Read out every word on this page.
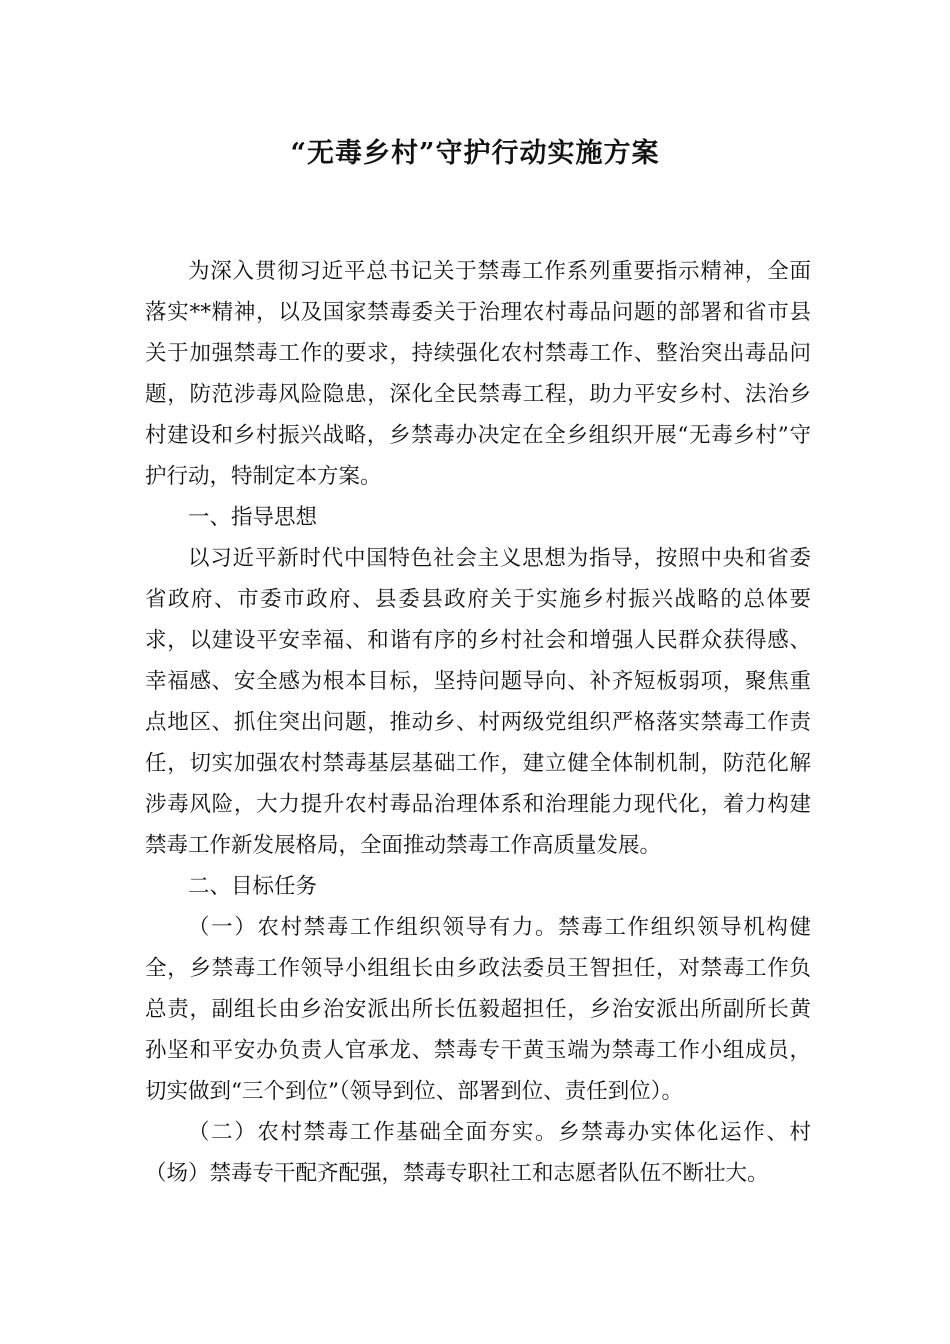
“无毒乡村”守护行动实施方案

为深入贯彻习近平总书记关于禁毒工作系列重要指示精神，全面落实**精神，以及国家禁毒委关于治理农村毒品问题的部署和省市县关于加强禁毒工作的要求，持续强化农村禁毒工作、整治突出毒品问题，防范涉毒风险隐患，深化全民禁毒工程，助力平安乡村、法治乡村建设和乡村振兴战略，乡禁毒办决定在全乡组织开展“无毒乡村”守护行动，特制定本方案。

一、指导思想

以习近平新时代中国特色社会主义思想为指导，按照中央和省委省政府、市委市政府、县委县政府关于实施乡村振兴战略的总体要求，以建设平安幸福、和谐有序的乡村社会和增强人民群众获得感、幸福感、安全感为根本目标，坚持问题导向、补齐短板弱项，聚焦重点地区、抓住突出问题，推动乡、村两级党组织严格落实禁毒工作责任，切实加强农村禁毒基层基础工作，建立健全体制机制，防范化解涉毒风险，大力提升农村毒品治理体系和治理能力现代化，着力构建禁毒工作新发展格局，全面推动禁毒工作高质量发展。

二、目标任务

（一）农村禁毒工作组织领导有力。禁毒工作组织领导机构健全，乡禁毒工作领导小组组长由乡政法委员王智担任，对禁毒工作负总责，副组长由乡治安派出所长伍毅超担任，乡治安派出所副所长黄孙坚和平安办负责人官承龙、禁毒专干黄玉端为禁毒工作小组成员，切实做到“三个到位”（领导到位、部署到位、责任到位）。

（二）农村禁毒工作基础全面夯实。乡禁毒办实体化运作、村（场）禁毒专干配齐配强，禁毒专职社工和志愿者队伍不断壮大。
